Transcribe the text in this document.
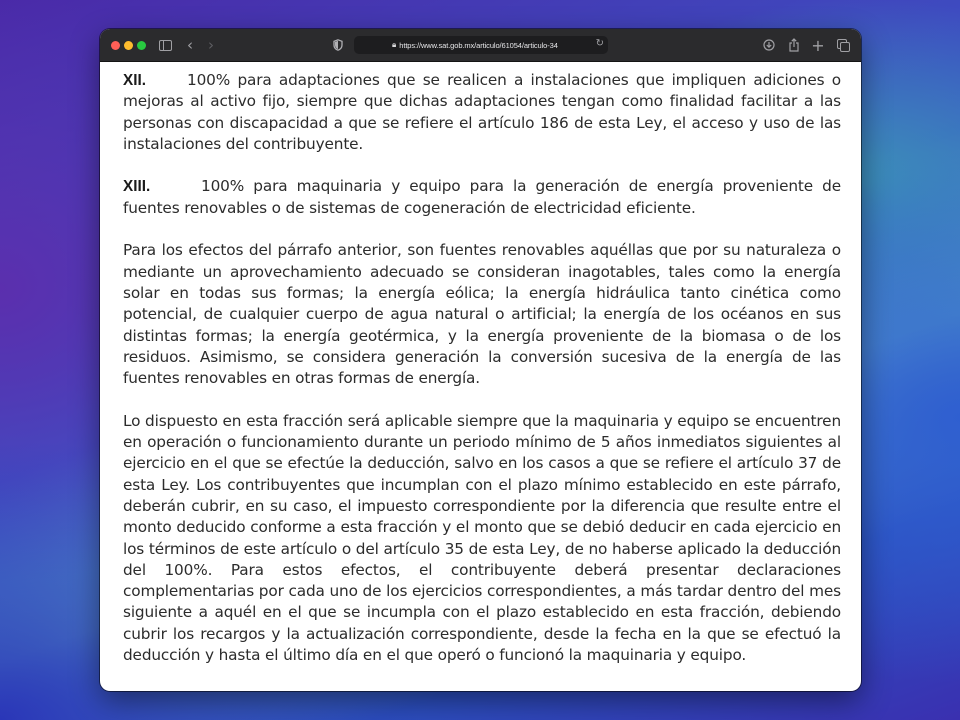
‹ ›	🔒︎ https://www.sat.gob.mx/articulo/61054/articulo-34	↻	+

XII.	100% para adaptaciones que se realicen a instalaciones que impliquen adiciones o mejoras al activo fijo, siempre que dichas adaptaciones tengan como finalidad facilitar a las personas con discapacidad a que se refiere el artículo 186 de esta Ley, el acceso y uso de las instalaciones del contribuyente.

XIII.	100% para maquinaria y equipo para la generación de energía proveniente de fuentes renovables o de sistemas de cogeneración de electricidad eficiente.

Para los efectos del párrafo anterior, son fuentes renovables aquéllas que por su naturaleza o mediante un aprovechamiento adecuado se consideran inagotables, tales como la energía solar en todas sus formas; la energía eólica; la energía hidráulica tanto cinética como potencial, de cualquier cuerpo de agua natural o artificial; la energía de los océanos en sus distintas formas; la energía geotérmica, y la energía proveniente de la biomasa o de los residuos. Asimismo, se considera generación la conversión sucesiva de la energía de las fuentes renovables en otras formas de energía.

Lo dispuesto en esta fracción será aplicable siempre que la maquinaria y equipo se encuentren en operación o funcionamiento durante un periodo mínimo de 5 años inmediatos siguientes al ejercicio en el que se efectúe la deducción, salvo en los casos a que se refiere el artículo 37 de esta Ley. Los contribuyentes que incumplan con el plazo mínimo establecido en este párrafo, deberán cubrir, en su caso, el impuesto correspondiente por la diferencia que resulte entre el monto deducido conforme a esta fracción y el monto que se debió deducir en cada ejercicio en los términos de este artículo o del artículo 35 de esta Ley, de no haberse aplicado la deducción del 100%. Para estos efectos, el contribuyente deberá presentar declaraciones complementarias por cada uno de los ejercicios correspondientes, a más tardar dentro del mes siguiente a aquél en el que se incumpla con el plazo establecido en esta fracción, debiendo cubrir los recargos y la actualización correspondiente, desde la fecha en la que se efectuó la deducción y hasta el último día en el que operó o funcionó la maquinaria y equipo.
